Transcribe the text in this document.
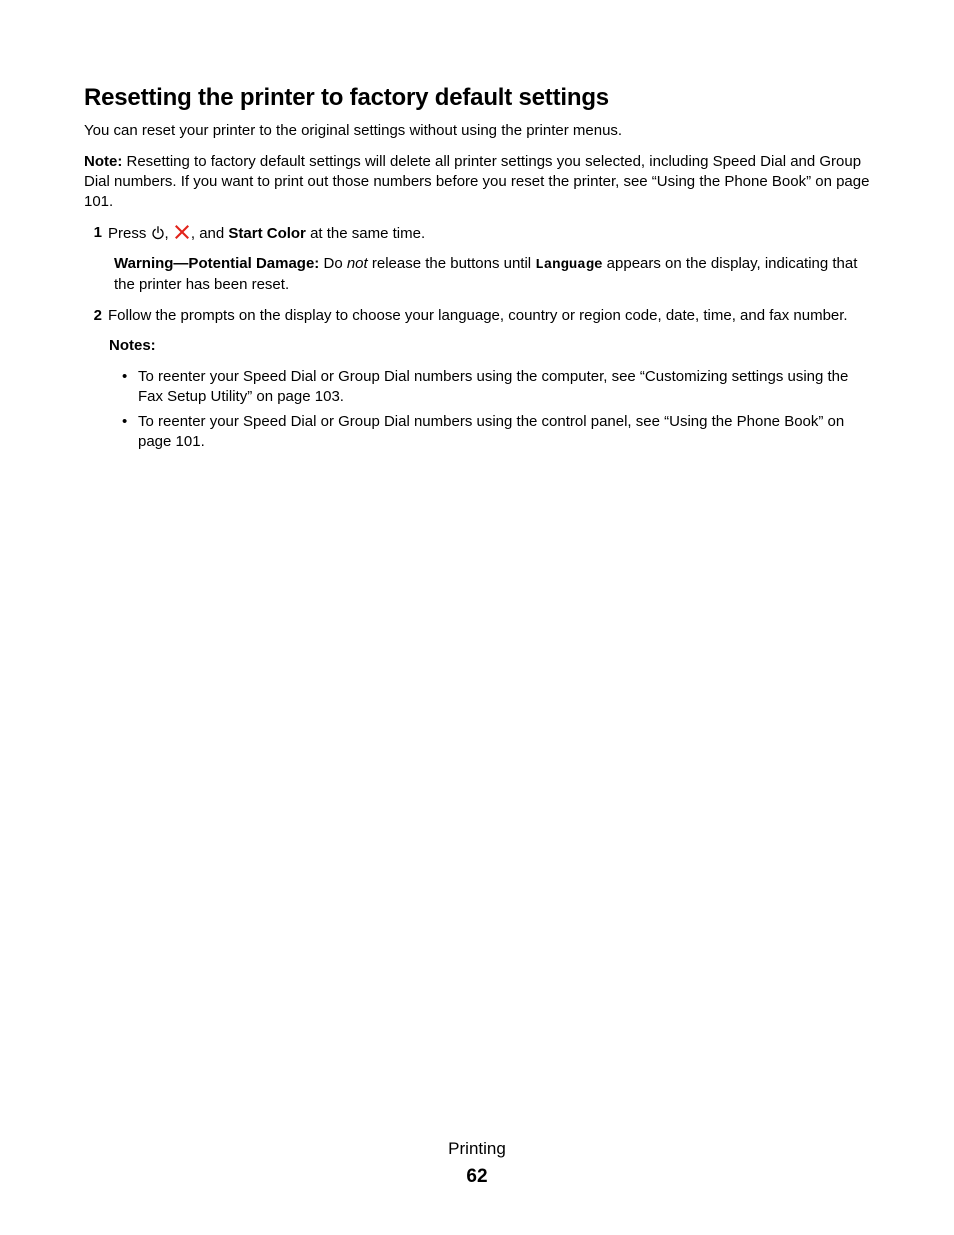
Resetting the printer to factory default settings

You can reset your printer to the original settings without using the printer menus.

Note: Resetting to factory default settings will delete all printer settings you selected, including Speed Dial and Group Dial numbers. If you want to print out those numbers before you reset the printer, see “Using the Phone Book” on page 101.

1 Press , , and Start Color at the same time.

Warning—Potential Damage: Do not release the buttons until Language appears on the display, indicating that the printer has been reset.

2 Follow the prompts on the display to choose your language, country or region code, date, time, and fax number.
Notes:
• To reenter your Speed Dial or Group Dial numbers using the computer, see “Customizing settings using the Fax Setup Utility” on page 103.
• To reenter your Speed Dial or Group Dial numbers using the control panel, see “Using the Phone Book” on page 101.
Printing
62
